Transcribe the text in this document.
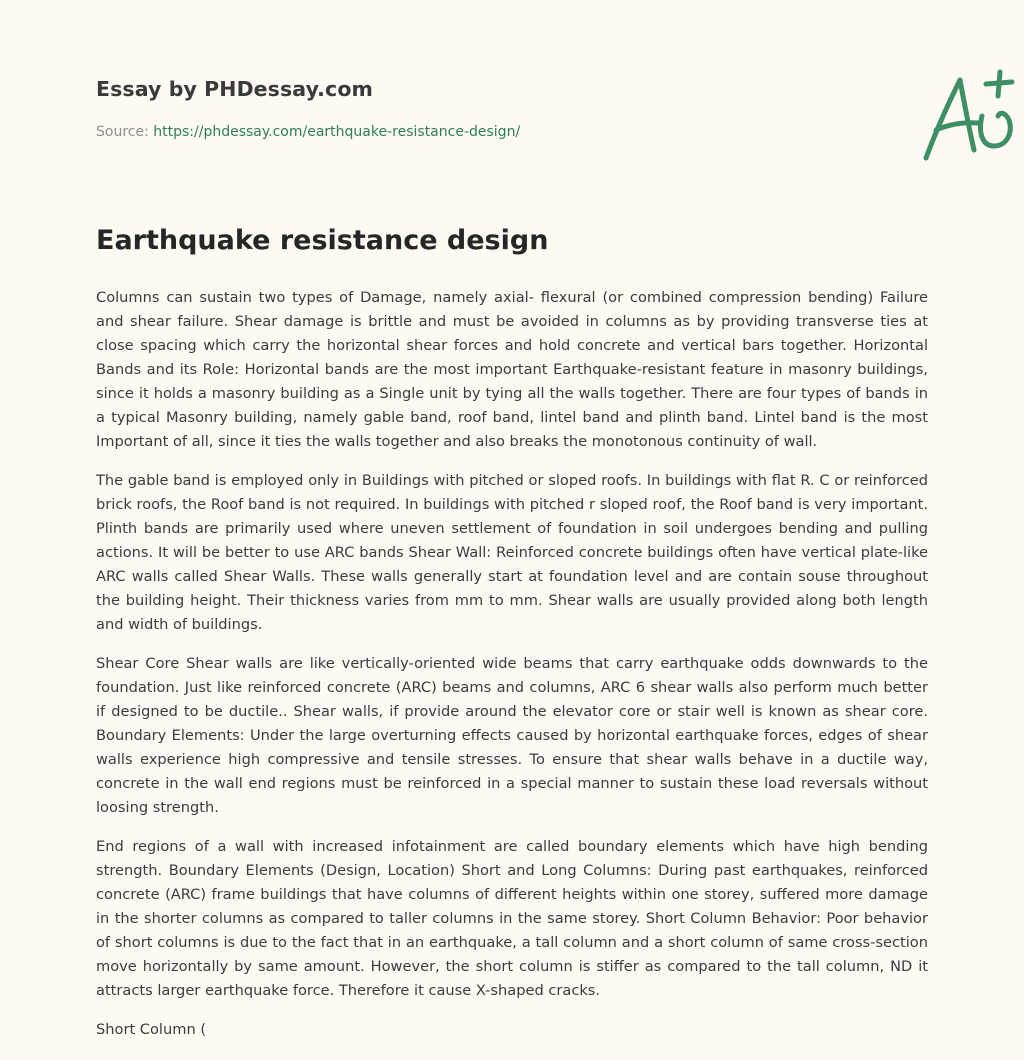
Essay by PHDessay.com
Source: https://phdessay.com/earthquake-resistance-design/
Earthquake resistance design

Columns can sustain two types of Damage, namely axial- flexural (or combined compression bending) Failure and shear failure. Shear damage is brittle and must be avoided in columns as by providing transverse ties at close spacing which carry the horizontal shear forces and hold concrete and vertical bars together. Horizontal Bands and its Role: Horizontal bands are the most important Earthquake-resistant feature in masonry buildings, since it holds a masonry building as a Single unit by tying all the walls together. There are four types of bands in a typical Masonry building, namely gable band, roof band, lintel band and plinth band. Lintel band is the most Important of all, since it ties the walls together and also breaks the monotonous continuity of wall.

The gable band is employed only in Buildings with pitched or sloped roofs. In buildings with flat R. C or reinforced brick roofs, the Roof band is not required. In buildings with pitched r sloped roof, the Roof band is very important. Plinth bands are primarily used where uneven settlement of foundation in soil undergoes bending and pulling actions. It will be better to use ARC bands Shear Wall: Reinforced concrete buildings often have vertical plate-like ARC walls called Shear Walls. These walls generally start at foundation level and are contain souse throughout the building height. Their thickness varies from mm to mm. Shear walls are usually provided along both length and width of buildings.

Shear Core Shear walls are like vertically-oriented wide beams that carry earthquake odds downwards to the foundation. Just like reinforced concrete (ARC) beams and columns, ARC 6 shear walls also perform much better if designed to be ductile.. Shear walls, if provide around the elevator core or stair well is known as shear core. Boundary Elements: Under the large overturning effects caused by horizontal earthquake forces, edges of shear walls experience high compressive and tensile stresses. To ensure that shear walls behave in a ductile way, concrete in the wall end regions must be reinforced in a special manner to sustain these load reversals without loosing strength.

End regions of a wall with increased infotainment are called boundary elements which have high bending strength. Boundary Elements (Design, Location) Short and Long Columns: During past earthquakes, reinforced concrete (ARC) frame buildings that have columns of different heights within one storey, suffered more damage in the shorter columns as compared to taller columns in the same storey. Short Column Behavior: Poor behavior of short columns is due to the fact that in an earthquake, a tall column and a short column of same cross-section move horizontally by same amount. However, the short column is stiffer as compared to the tall column, ND it attracts larger earthquake force. Therefore it cause X-shaped cracks.

Short Column (
